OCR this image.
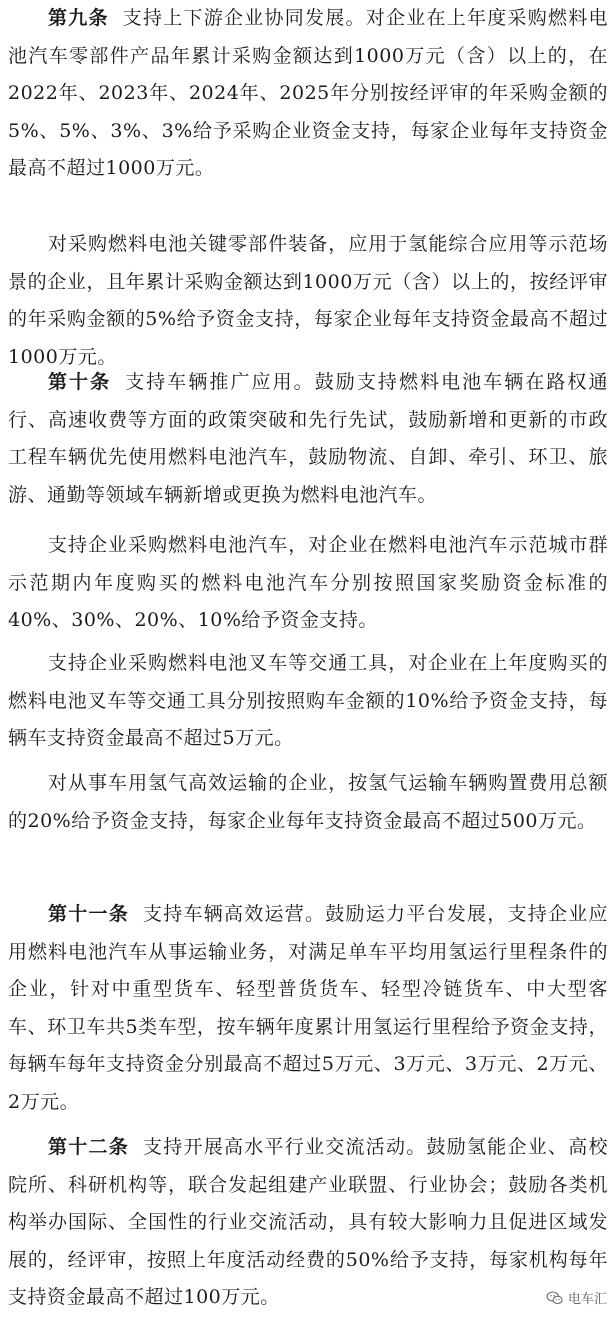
第九条 支持上下游企业协同发展。对企业在上年度采购燃料电池汽车零部件产品年累计采购金额达到1000万元（含）以上的，在2022年、2023年、2024年、2025年分别按经评审的年采购金额的5%、5%、3%、3%给予采购企业资金支持，每家企业每年支持资金最高不超过1000万元。

对采购燃料电池关键零部件装备，应用于氢能综合应用等示范场景的企业，且年累计采购金额达到1000万元（含）以上的，按经评审的年采购金额的5%给予资金支持，每家企业每年支持资金最高不超过1000万元。

第十条 支持车辆推广应用。鼓励支持燃料电池车辆在路权通行、高速收费等方面的政策突破和先行先试，鼓励新增和更新的市政工程车辆优先使用燃料电池汽车，鼓励物流、自卸、牵引、环卫、旅游、通勤等领域车辆新增或更换为燃料电池汽车。

支持企业采购燃料电池汽车，对企业在燃料电池汽车示范城市群示范期内年度购买的燃料电池汽车分别按照国家奖励资金标准的40%、30%、20%、10%给予资金支持。

支持企业采购燃料电池叉车等交通工具，对企业在上年度购买的燃料电池叉车等交通工具分别按照购车金额的10%给予资金支持，每辆车支持资金最高不超过5万元。

对从事车用氢气高效运输的企业，按氢气运输车辆购置费用总额的20%给予资金支持，每家企业每年支持资金最高不超过500万元。

第十一条 支持车辆高效运营。鼓励运力平台发展，支持企业应用燃料电池汽车从事运输业务，对满足单车平均用氢运行里程条件的企业，针对中重型货车、轻型普货货车、轻型冷链货车、中大型客车、环卫车共5类车型，按车辆年度累计用氢运行里程给予资金支持，每辆车每年支持资金分别最高不超过5万元、3万元、3万元、2万元、2万元。

第十二条 支持开展高水平行业交流活动。鼓励氢能企业、高校院所、科研机构等，联合发起组建产业联盟、行业协会；鼓励各类机构举办国际、全国性的行业交流活动，具有较大影响力且促进区域发展的，经评审，按照上年度活动经费的50%给予支持，每家机构每年支持资金最高不超过100万元。	电车汇
